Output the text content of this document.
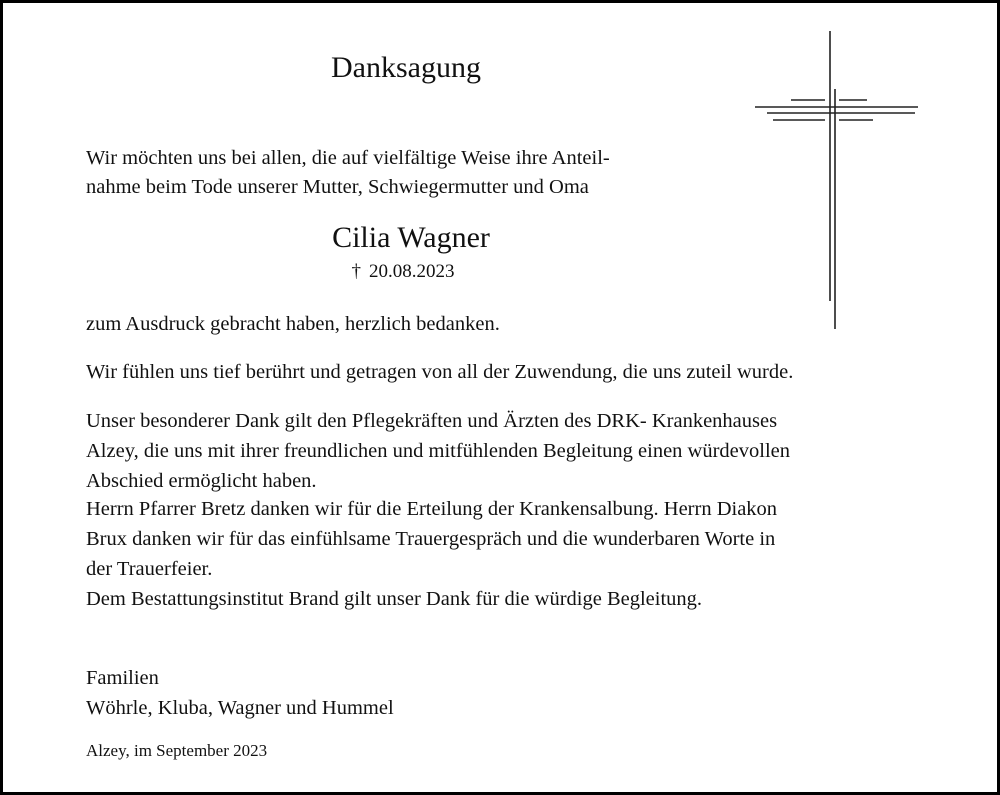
Danksagung
Wir möchten uns bei allen, die auf vielfältige Weise ihre Anteil-
nahme beim Tode unserer Mutter, Schwiegermutter und Oma
Cilia Wagner
† 20.08.2023
zum Ausdruck gebracht haben, herzlich bedanken.
Wir fühlen uns tief berührt und getragen von all der Zuwendung, die uns zuteil wurde.
Unser besonderer Dank gilt den Pflegekräften und Ärzten des DRK- Krankenhauses
Alzey, die uns mit ihrer freundlichen und mitfühlenden Begleitung einen würdevollen
Abschied ermöglicht haben.
Herrn Pfarrer Bretz danken wir für die Erteilung der Krankensalbung. Herrn Diakon
Brux danken wir für das einfühlsame Trauergespräch und die wunderbaren Worte in
der Trauerfeier.
Dem Bestattungsinstitut Brand gilt unser Dank für die würdige Begleitung.
Familien
Wöhrle, Kluba, Wagner und Hummel
Alzey, im September 2023
